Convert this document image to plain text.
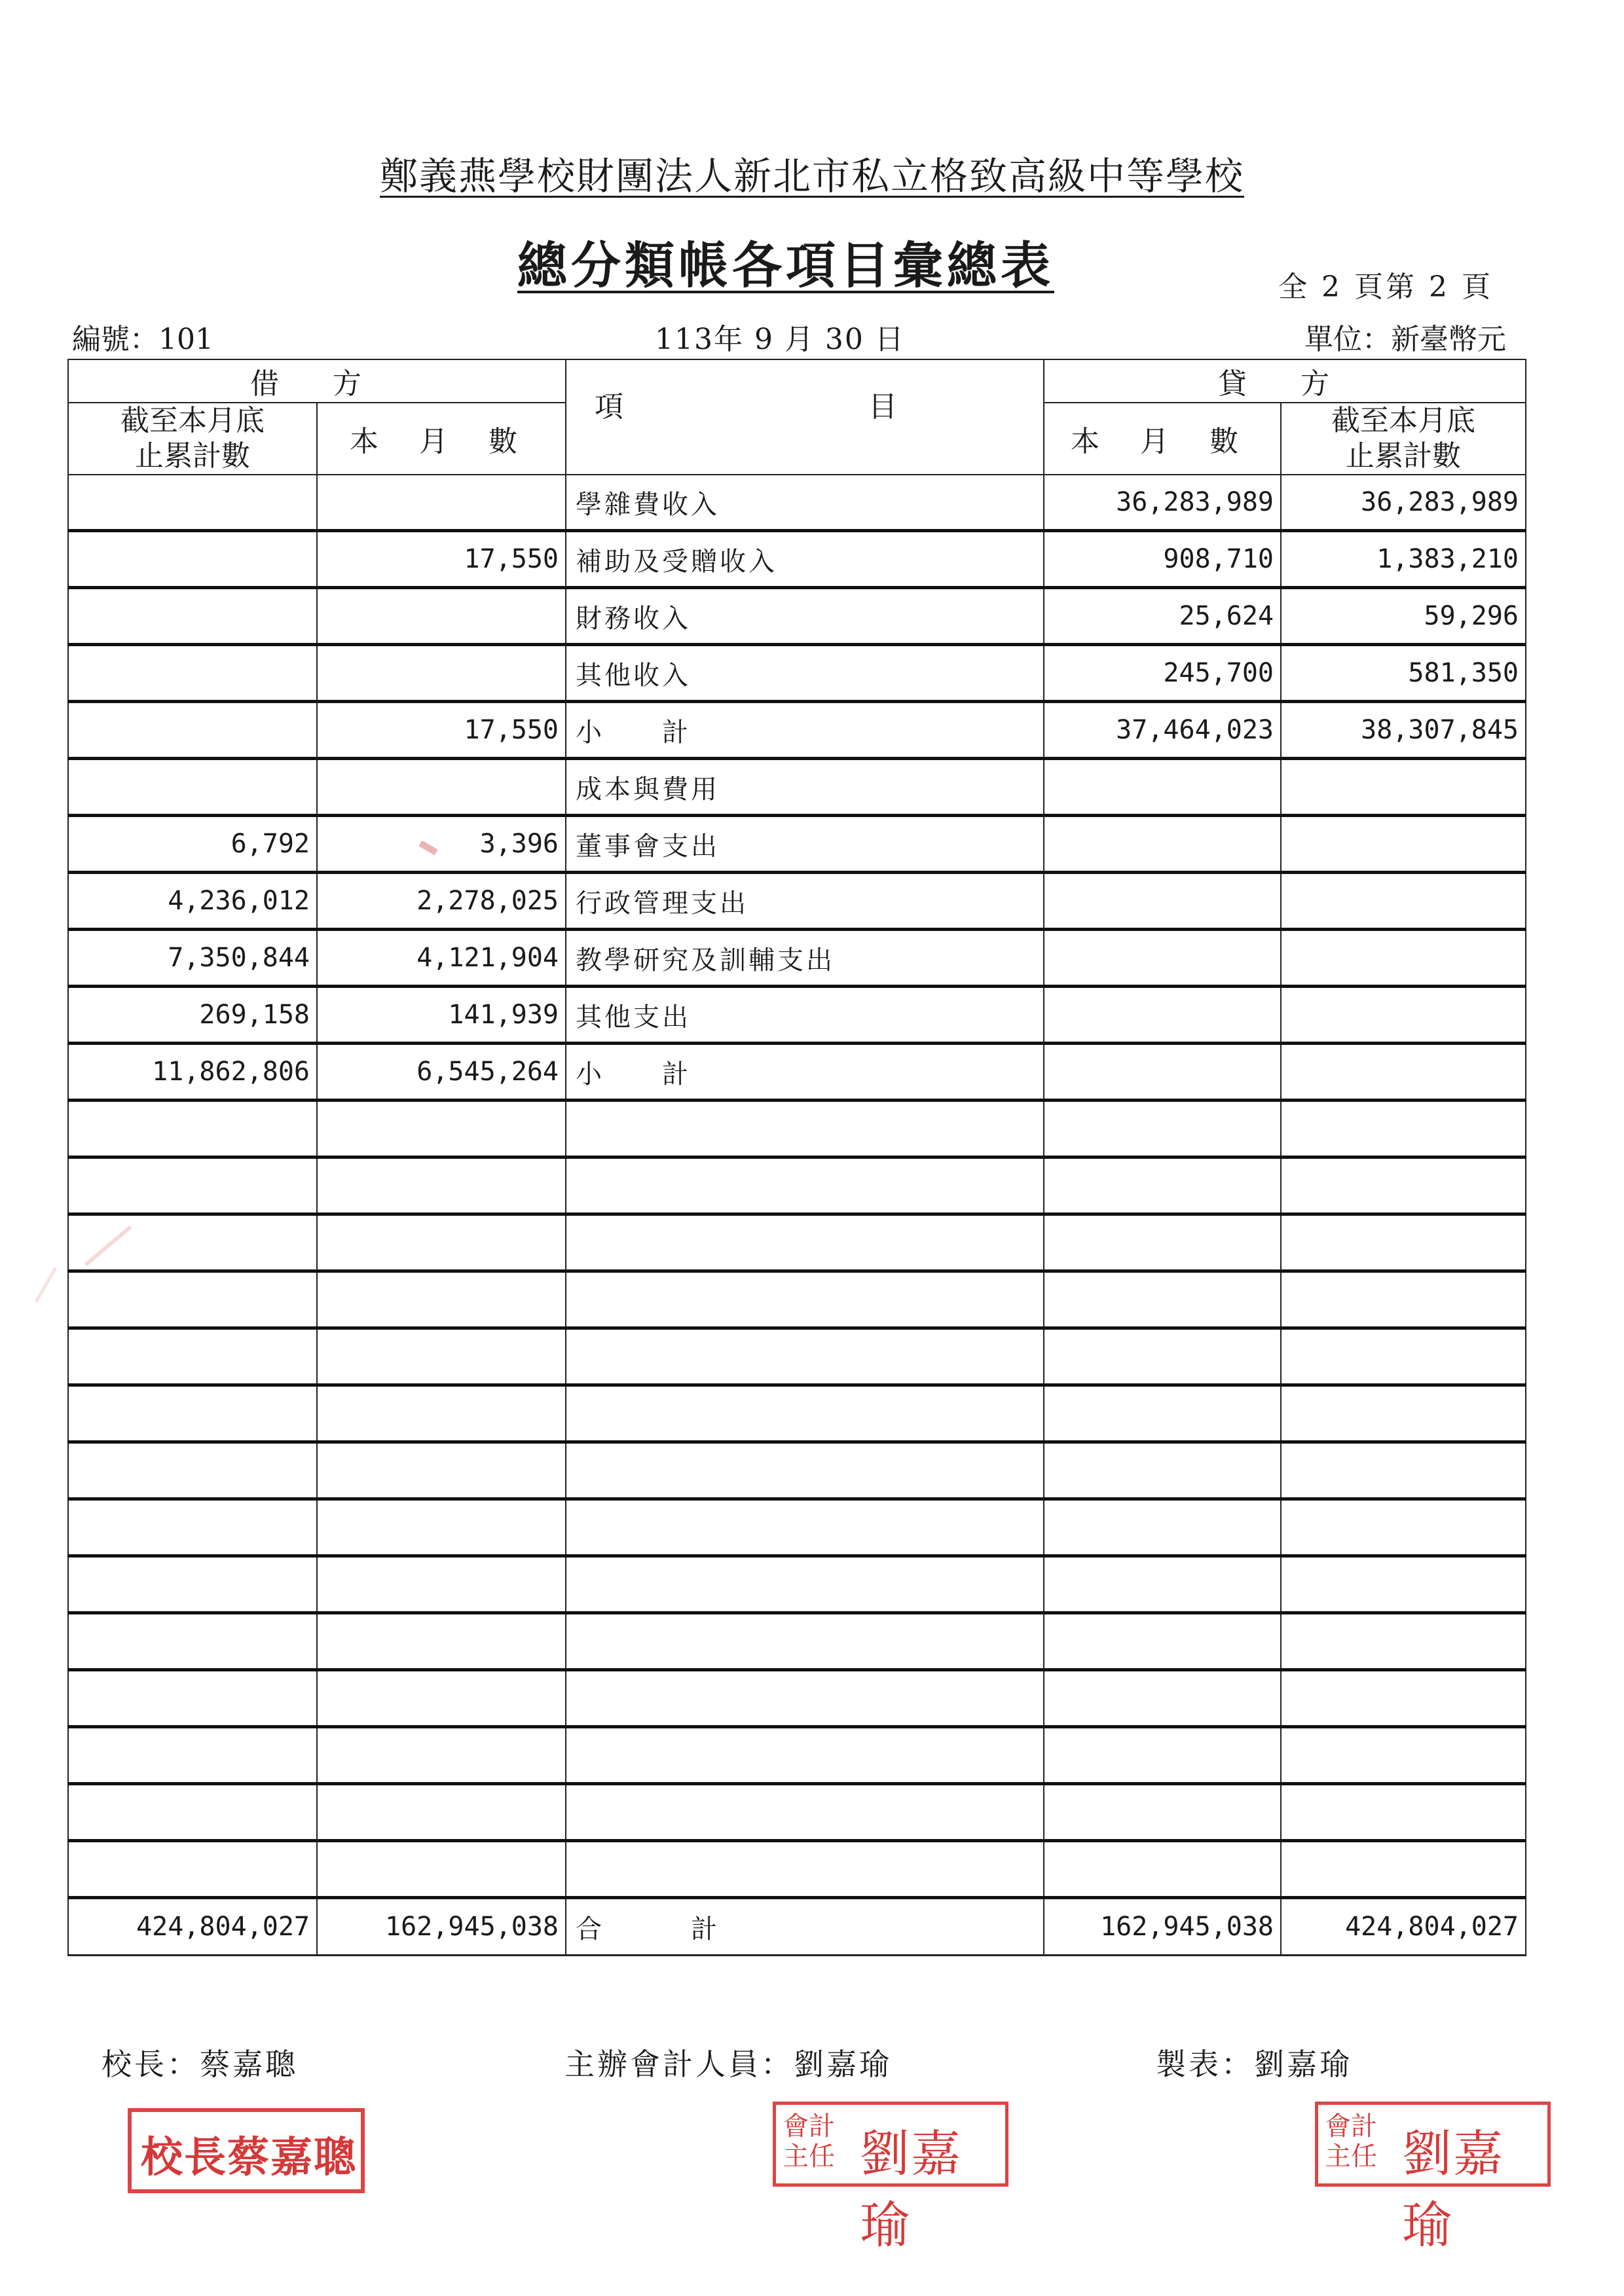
鄭義燕學校財團法人新北市私立格致高級中等學校
總分類帳各項目彙總表	全 2 頁第 2 頁
編號：101	113年 9 月 30 日	單位：新臺幣元
借 方		項 目	貸 方	
截至本月底
止累計數	本 月 數		本 月 數	截至本月底
止累計數
		學雜費收入	36,283,989	36,283,989
	17,550	補助及受贈收入	908,710	1,383,210
		財務收入	25,624	59,296
		其他收入	245,700	581,350
	17,550	小　　計	37,464,023	38,307,845
		成本與費用		
6,792	3,396	董事會支出		
4,236,012	2,278,025	行政管理支出		
7,350,844	4,121,904	教學研究及訓輔支出		
269,158	141,939	其他支出		
11,862,806	6,545,264	小　　計		

424,804,027	162,945,038	合　　　計	162,945,038	424,804,027
校長：蔡嘉聰	主辦會計人員：劉嘉瑜	製表：劉嘉瑜
校長蔡嘉聰
會計主任 劉嘉瑜
會計主任 劉嘉瑜
